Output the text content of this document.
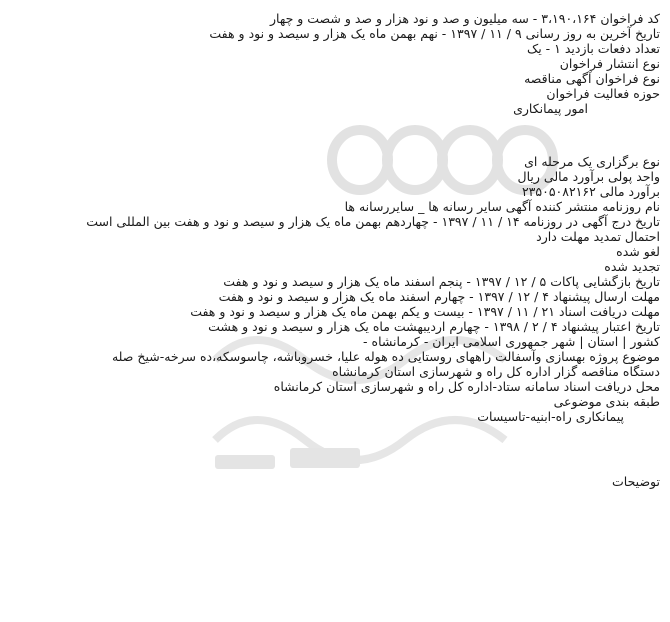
کد فراخوان ۳،۱۹۰،۱۶۴ - سه میلیون و صد و نود هزار و صد و شصت و چهار
تاریخ آخرین به روز رسانی ۹ / ۱۱ / ۱۳۹۷ - نهم بهمن ماه یک هزار و سیصد و نود و هفت
تعداد دفعات بازدید ۱ - یک
نوع انتشار فراخوان
نوع فراخوان آگهی مناقصه
حوزه فعالیت فراخوان
امور پیمانکاری
نوع برگزاری یک مرحله ای
واحد پولی برآورد مالی ریال
برآورد مالی ۲۳۵۰۵۰۸۲۱۶۲
نام روزنامه منتشر کننده آگهی سایر رسانه ها _ سایررسانه ها
تاریخ درج آگهی در روزنامه ۱۴ / ۱۱ / ۱۳۹۷ - چهاردهم بهمن ماه یک هزار و سیصد و نود و هفت بین المللی است
احتمال تمدید مهلت دارد
لغو شده
تجدید شده
تاریخ بازگشایی پاکات ۵ / ۱۲ / ۱۳۹۷ - پنجم اسفند ماه یک هزار و سیصد و نود و هفت
مهلت ارسال پیشنهاد ۴ / ۱۲ / ۱۳۹۷ - چهارم اسفند ماه یک هزار و سیصد و نود و هفت
مهلت دریافت اسناد ۲۱ / ۱۱ / ۱۳۹۷ - بیست و یکم بهمن ماه یک هزار و سیصد و نود و هفت
تاریخ اعتبار پیشنهاد ۴ / ۲ / ۱۳۹۸ - چهارم اردیبهشت ماه یک هزار و سیصد و نود و هشت
کشور | استان | شهر جمهوری اسلامی ایران - کرمانشاه -
موضوع پروژه بهسازی وآسفالت راههای روستایی ده هوله علیا، خسروباشه، چاسوسکه،ده سرخه-شیخ صله
دستگاه مناقصه گزار اداره کل راه و شهرسازی استان کرمانشاه
محل دریافت اسناد سامانه ستاد-اداره کل راه و شهرسازی استان کرمانشاه
طبقه بندی موضوعی
پیمانکاری راه-ابنیه-تاسیسات
توضیحات
